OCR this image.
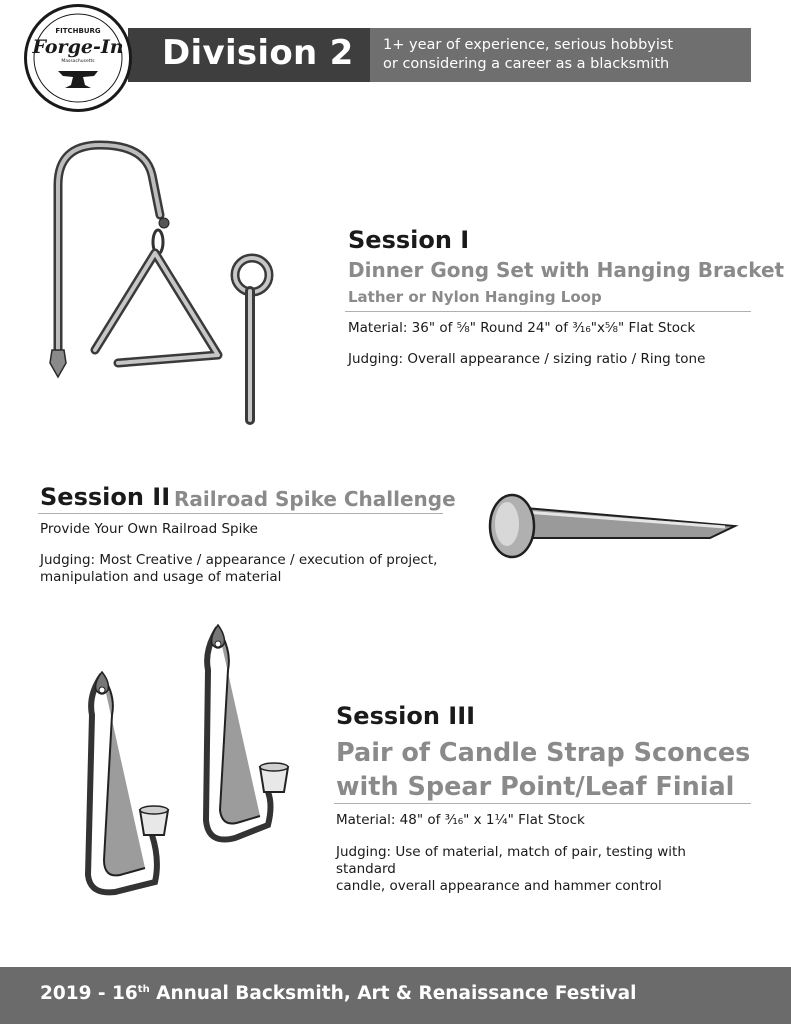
Division 2 1+ year of experience, serious hobbyist
or considering a career as a blacksmith
FITCHBURG
Forge-In
Massachusetts
Session I
Dinner Gong Set with Hanging Bracket
Lather or Nylon Hanging Loop
Material: 36" of ⅝" Round 24" of ³⁄₁₆"x⅝" Flat Stock
Judging: Overall appearance / sizing ratio / Ring tone
Session II Railroad Spike Challenge
Provide Your Own Railroad Spike
Judging: Most Creative / appearance / execution of project,
manipulation and usage of material
Session III
Pair of Candle Strap Sconces
with Spear Point/Leaf Finial
Material: 48" of ³⁄₁₆" x 1¼" Flat Stock
Judging: Use of material, match of pair, testing with standard
candle, overall appearance and hammer control
2019 - 16th Annual Backsmith, Art & Renaissance Festival
